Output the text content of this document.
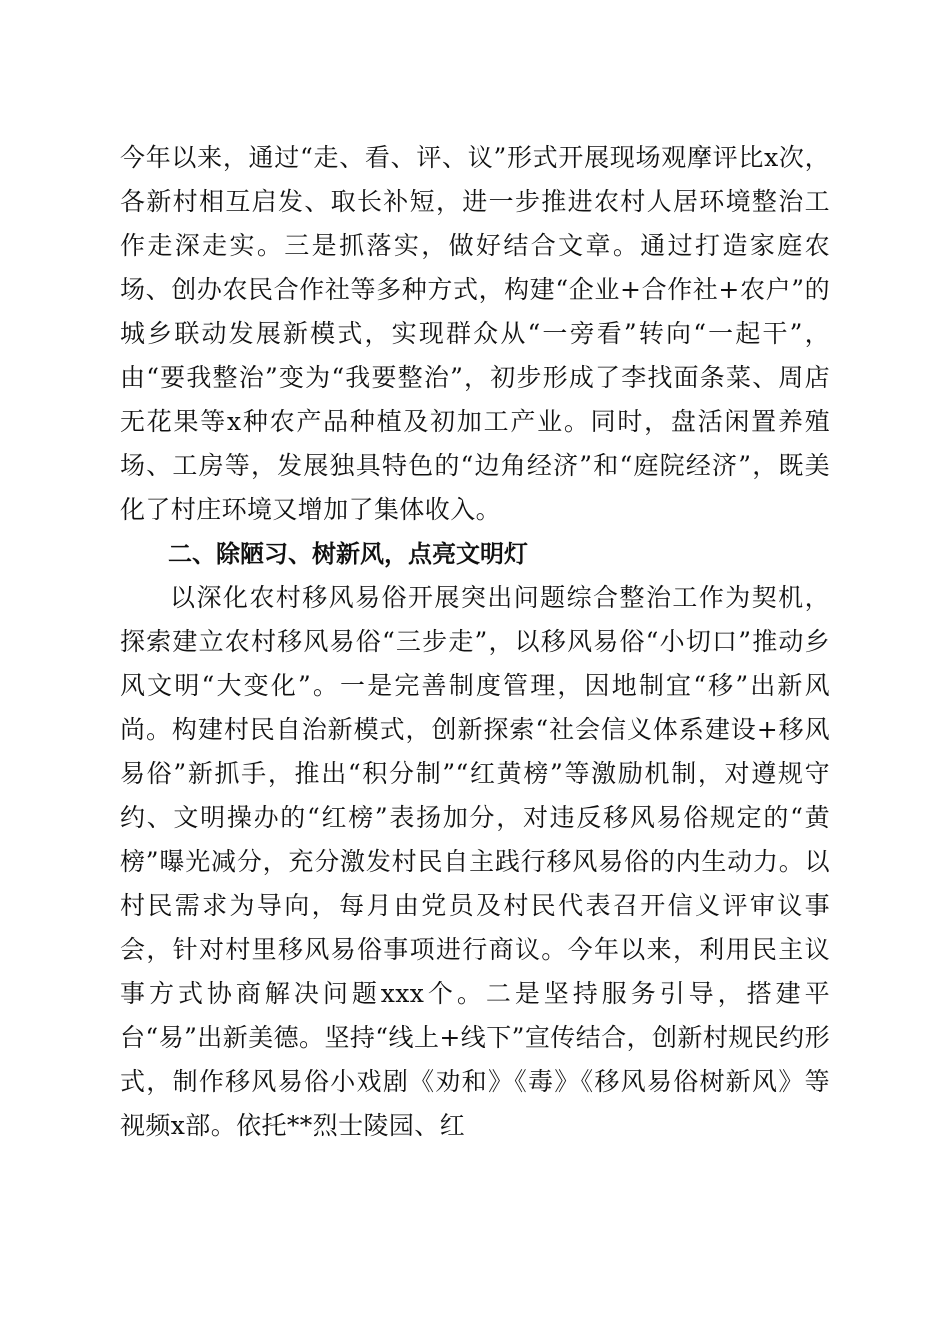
今年以来，通过“走、看、评、议”形式开展现场观摩评比x次，各新村相互启发、取长补短，进一步推进农村人居环境整治工作走深走实。三是抓落实，做好结合文章。通过打造家庭农场、创办农民合作社等多种方式，构建“企业+合作社+农户”的城乡联动发展新模式，实现群众从“一旁看”转向“一起干”，由“要我整治”变为“我要整治”，初步形成了李找面条菜、周店无花果等x种农产品种植及初加工产业。同时，盘活闲置养殖场、工房等，发展独具特色的“边角经济”和“庭院经济”，既美化了村庄环境又增加了集体收入。

二、除陋习、树新风，点亮文明灯

以深化农村移风易俗开展突出问题综合整治工作为契机，探索建立农村移风易俗“三步走”，以移风易俗“小切口”推动乡风文明“大变化”。一是完善制度管理，因地制宜“移”出新风尚。构建村民自治新模式，创新探索“社会信义体系建设+移风易俗”新抓手，推出“积分制”“红黄榜”等激励机制，对遵规守约、文明操办的“红榜”表扬加分，对违反移风易俗规定的“黄榜”曝光减分，充分激发村民自主践行移风易俗的内生动力。以村民需求为导向，每月由党员及村民代表召开信义评审议事会，针对村里移风易俗事项进行商议。今年以来，利用民主议事方式协商解决问题xxx个。二是坚持服务引导，搭建平台“易”出新美德。坚持“线上+线下”宣传结合，创新村规民约形式，制作移风易俗小戏剧《劝和》《毒》《移风易俗树新风》等视频x部。依托**烈士陵园、红
